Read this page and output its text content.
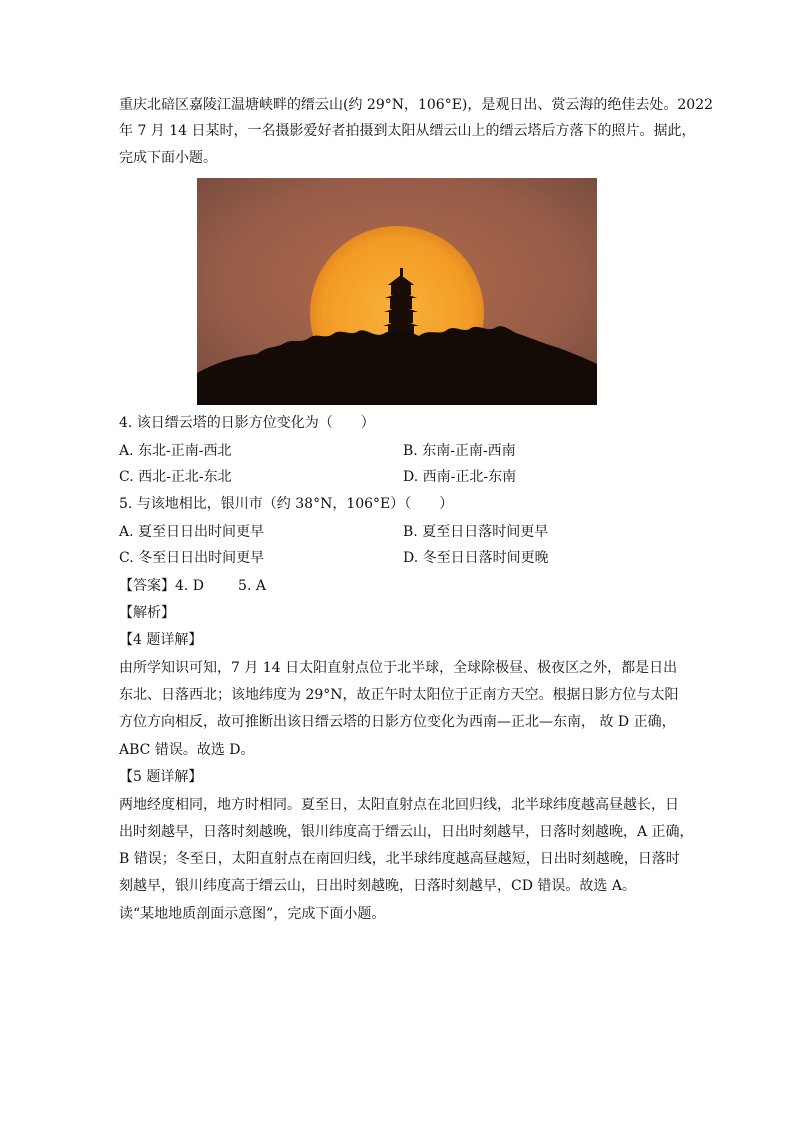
重庆北碚区嘉陵江温塘峡畔的缙云山(约 29°N，106°E)，是观日出、赏云海的绝佳去处。2022
年 7 月 14 日某时，一名摄影爱好者拍摄到太阳从缙云山上的缙云塔后方落下的照片。据此，
完成下面小题。
4. 该日缙云塔的日影方位变化为（　　）
A. 东北-正南-西北	B. 东南-正南-西南
C. 西北-正北-东北	D. 西南-正北-东南
5. 与该地相比，银川市（约 38°N，106°E）（　　）
A. 夏至日日出时间更早	B. 夏至日日落时间更早
C. 冬至日日出时间更早	D. 冬至日日落时间更晚
【答案】4. D 5. A
【解析】
【4 题详解】
由所学知识可知，7 月 14 日太阳直射点位于北半球，全球除极昼、极夜区之外，都是日出
东北、日落西北；该地纬度为 29°N，故正午时太阳位于正南方天空。根据日影方位与太阳
方位方向相反，故可推断出该日缙云塔的日影方位变化为西南—正北—东南， 故 D 正确，
ABC 错误。故选 D。
【5 题详解】
两地经度相同，地方时相同。夏至日，太阳直射点在北回归线，北半球纬度越高昼越长，日
出时刻越早，日落时刻越晚，银川纬度高于缙云山，日出时刻越早，日落时刻越晚，A 正确，
B 错误；冬至日，太阳直射点在南回归线，北半球纬度越高昼越短，日出时刻越晚，日落时
刻越早，银川纬度高于缙云山，日出时刻越晚，日落时刻越早，CD 错误。故选 A。
读“某地地质剖面示意图”，完成下面小题。
